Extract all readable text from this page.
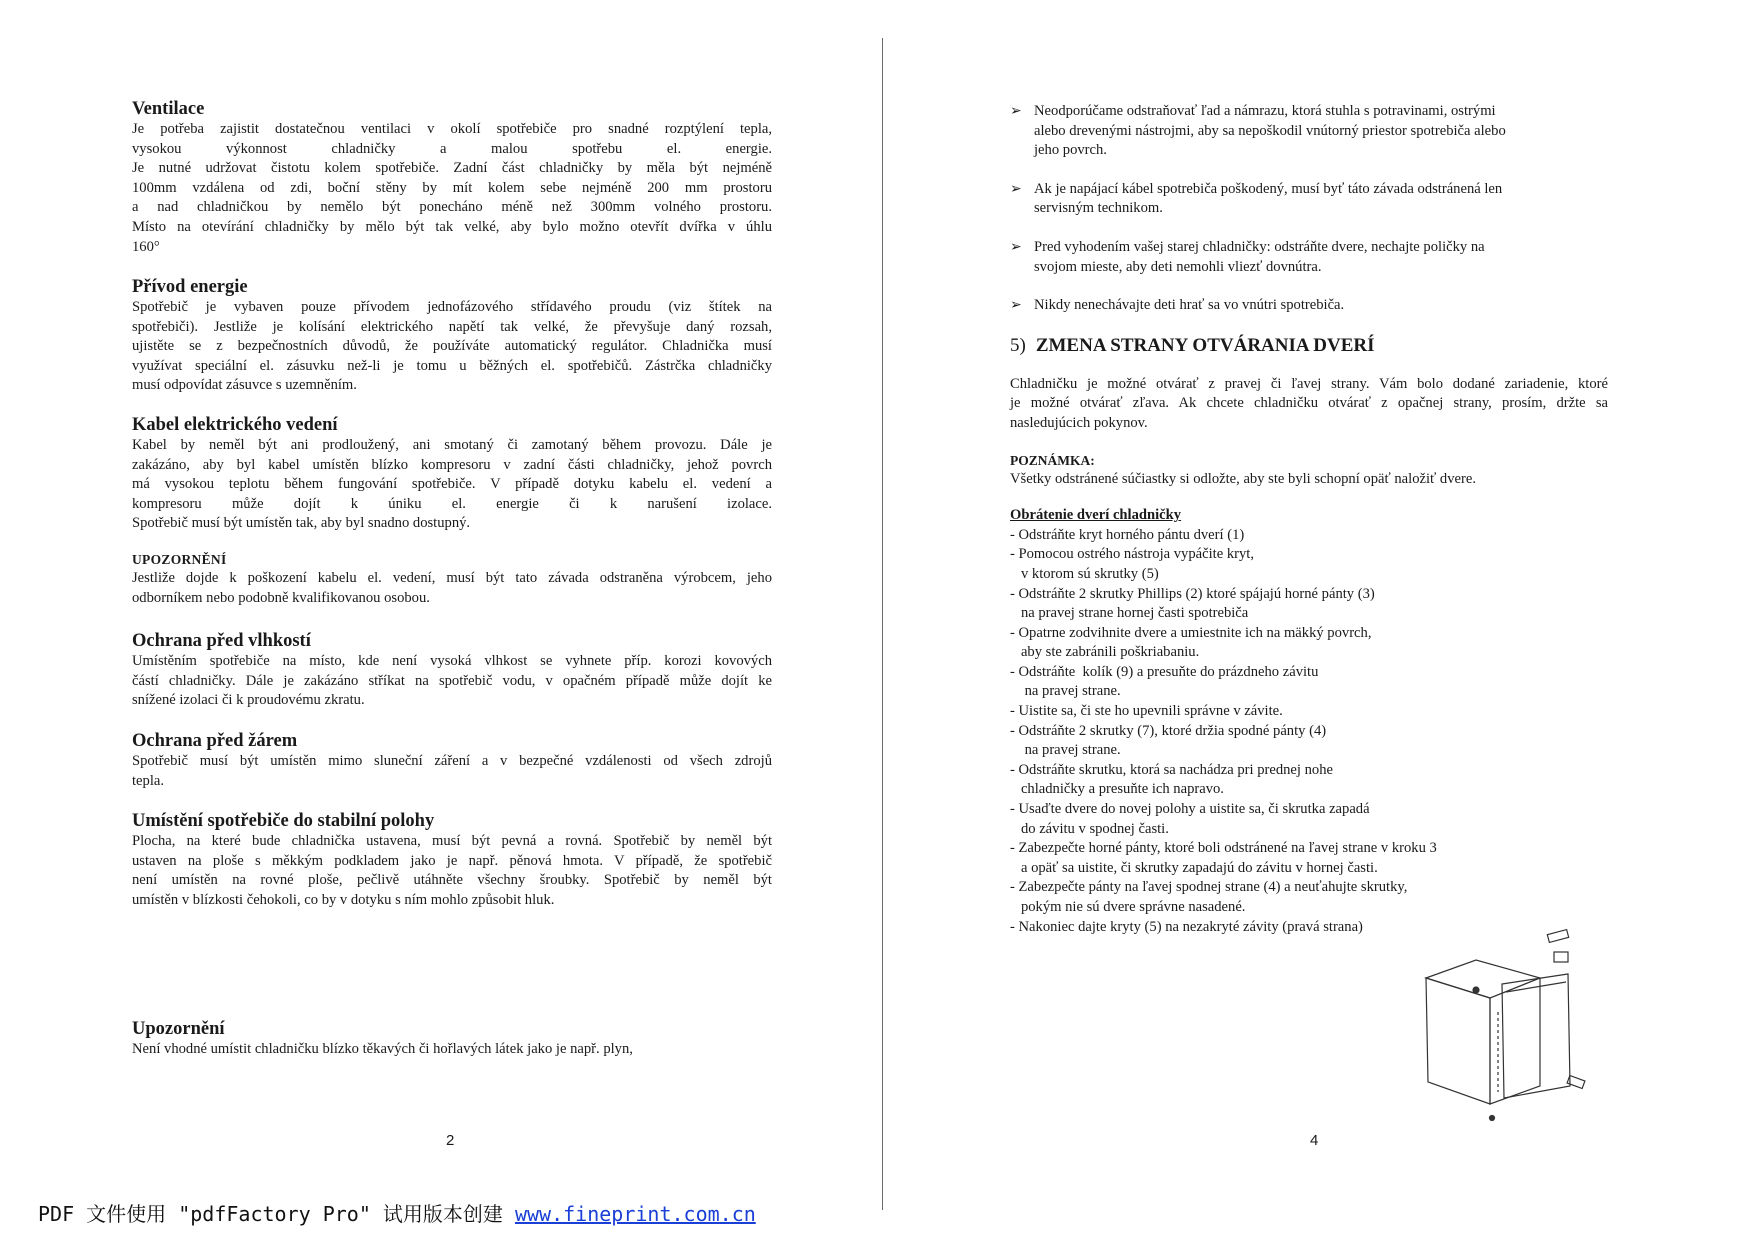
Ventilace

Je potřeba zajistit dostatečnou ventilaci v okolí spotřebiče pro snadné rozptýlení tepla,
vysokou výkonnost chladničky a malou spotřebu el. energie.
Je nutné udržovat čistotu kolem spotřebiče. Zadní část chladničky by měla být nejméně
100mm vzdálena od zdi, boční stěny by mít kolem sebe nejméně 200 mm prostoru
a nad chladničkou by nemělo být ponecháno méně než 300mm volného prostoru.
Místo na otevírání chladničky by mělo být tak velké, aby bylo možno otevřít dvířka v úhlu
160°

Přívod energie

Spotřebič je vybaven pouze přívodem jednofázového střídavého proudu (viz štítek na
spotřebiči). Jestliže je kolísání elektrického napětí tak velké, že převyšuje daný rozsah,
ujistěte se z bezpečnostních důvodů, že používáte automatický regulátor. Chladnička musí
využívat speciální el. zásuvku než-li je tomu u běžných el. spotřebičů. Zástrčka chladničky
musí odpovídat zásuvce s uzemněním.

Kabel elektrického vedení

Kabel by neměl být ani prodloužený, ani smotaný či zamotaný během provozu. Dále je
zakázáno, aby byl kabel umístěn blízko kompresoru v zadní části chladničky, jehož povrch
má vysokou teplotu během fungování spotřebiče. V případě dotyku kabelu el. vedení a
kompresoru může dojít k úniku el. energie či k narušení izolace.
Spotřebič musí být umístěn tak, aby byl snadno dostupný.

UPOZORNĚNÍ

Jestliže dojde k poškození kabelu el. vedení, musí být tato závada odstraněna výrobcem, jeho
odborníkem nebo podobně kvalifikovanou osobou.

Ochrana před vlhkostí

Umístěním spotřebiče na místo, kde není vysoká vlhkost se vyhnete příp. korozi kovových
částí chladničky. Dále je zakázáno stříkat na spotřebič vodu, v opačném případě může dojít ke
snížené izolaci či k proudovému zkratu.

Ochrana před žárem

Spotřebič musí být umístěn mimo sluneční záření a v bezpečné vzdálenosti od všech zdrojů
tepla.

Umístění spotřebiče do stabilní polohy

Plocha, na které bude chladnička ustavena, musí být pevná a rovná. Spotřebič by neměl být
ustaven na ploše s měkkým podkladem jako je např. pěnová hmota. V případě, že spotřebič
není umístěn na rovné ploše, pečlivě utáhněte všechny šroubky. Spotřebič by neměl být
umístěn v blízkosti čehokoli, co by v dotyku s ním mohlo způsobit hluk.

Upozornění

Není vhodné umístit chladničku blízko těkavých či hořlavých látek jako je např. plyn,

2
➢ Neodporúčame odstraňovať ľad a námrazu, ktorá stuhla s potravinami, ostrými
alebo drevenými nástrojmi, aby sa nepoškodil vnútorný priestor spotrebiča alebo
jeho povrch.
➢ Ak je napájací kábel spotrebiča poškodený, musí byť táto závada odstránená len
servisným technikom.
➢ Pred vyhodením vašej starej chladničky: odstráňte dvere, nechajte poličky na
svojom mieste, aby deti nemohli vliezť dovnútra.
➢ Nikdy nenechávajte deti hrať sa vo vnútri spotrebiča.
5) ZMENA STRANY OTVÁRANIA DVERÍ

Chladničku je možné otvárať z pravej či ľavej strany. Vám bolo dodané zariadenie, ktoré
je možné otvárať zľava. Ak chcete chladničku otvárať z opačnej strany, prosím, držte sa
nasledujúcich pokynov.

POZNÁMKA:

Všetky odstránené súčiastky si odložte, aby ste byli schopní opäť naložiť dvere.

Obrátenie dverí chladničky

- Odstráňte kryt horného pántu dverí (1)
- Pomocou ostrého nástroja vypáčite kryt,
v ktorom sú skrutky (5)
- Odstráňte 2 skrutky Phillips (2) ktoré spájajú horné pánty (3)
na pravej strane hornej časti spotrebiča
- Opatrne zodvihnite dvere a umiestnite ich na mäkký povrch,
aby ste zabránili poškriabaniu.
- Odstráňte  kolík (9) a presuňte do prázdneho závitu
na pravej strane.
- Uistite sa, či ste ho upevnili správne v závite.
- Odstráňte 2 skrutky (7), ktoré držia spodné pánty (4)
na pravej strane.
- Odstráňte skrutku, ktorá sa nachádza pri prednej nohe
chladničky a presuňte ich napravo.
- Usaďte dvere do novej polohy a uistite sa, či skrutka zapadá
do závitu v spodnej časti.
- Zabezpečte horné pánty, ktoré boli odstránené na ľavej strane v kroku 3
a opäť sa uistite, či skrutky zapadajú do závitu v hornej časti.
- Zabezpečte pánty na ľavej spodnej strane (4) a neuťahujte skrutky,
pokým nie sú dvere správne nasadené.
- Nakoniec dajte kryty (5) na nezakryté závity (pravá strana)
4
PDF 文件使用 "pdfFactory Pro" 试用版本创建 www.fineprint.com.cn
